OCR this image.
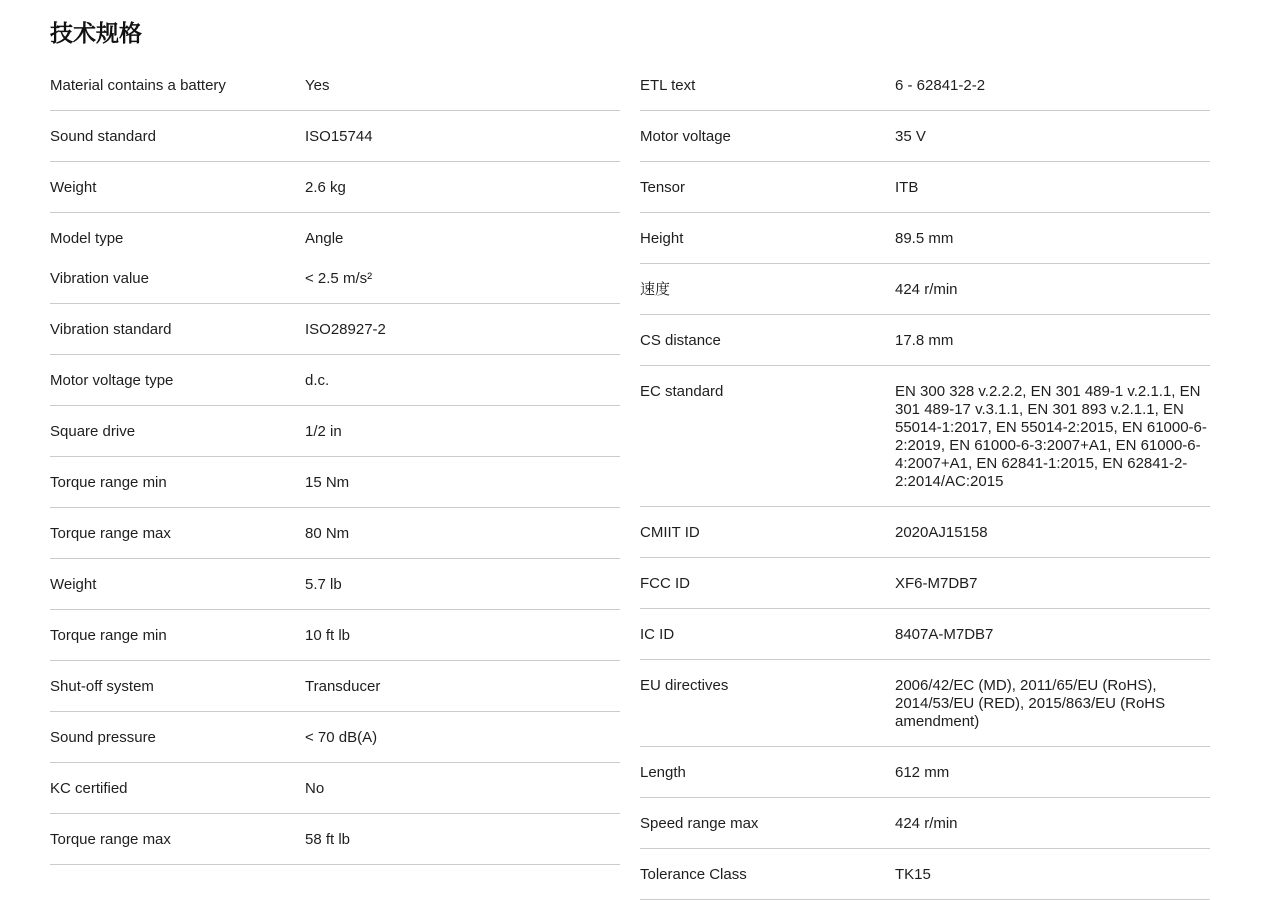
技术规格
Material contains a battery	Yes
Sound standard	ISO15744
Weight	2.6 kg
Model type	Angle
Vibration value	< 2.5 m/s²
Vibration standard	ISO28927-2
Motor voltage type	d.c.
Square drive	1/2 in
Torque range min	15 Nm
Torque range max	80 Nm
Weight	5.7 lb
Torque range min	10 ft lb
Shut-off system	Transducer
Sound pressure	< 70 dB(A)
KC certified	No
Torque range max	58 ft lb
ETL text	6 - 62841-2-2
Motor voltage	35 V
Tensor	ITB
Height	89.5 mm
速度	424 r/min
CS distance	17.8 mm
EC standard	EN 300 328 v.2.2.2, EN 301 489-1 v.2.1.1, EN 301 489-17 v.3.1.1, EN 301 893 v.2.1.1, EN 55014-1:2017, EN 55014-2:2015, EN 61000-6-2:2019, EN 61000-6-3:2007+A1, EN 61000-6-4:2007+A1, EN 62841-1:2015, EN 62841-2-2:2014/AC:2015
CMIIT ID	2020AJ15158
FCC ID	XF6-M7DB7
IC ID	8407A-M7DB7
EU directives	2006/42/EC (MD), 2011/65/EU (RoHS), 2014/53/EU (RED), 2015/863/EU (RoHS amendment)
Length	612 mm
Speed range max	424 r/min
Tolerance Class	TK15
